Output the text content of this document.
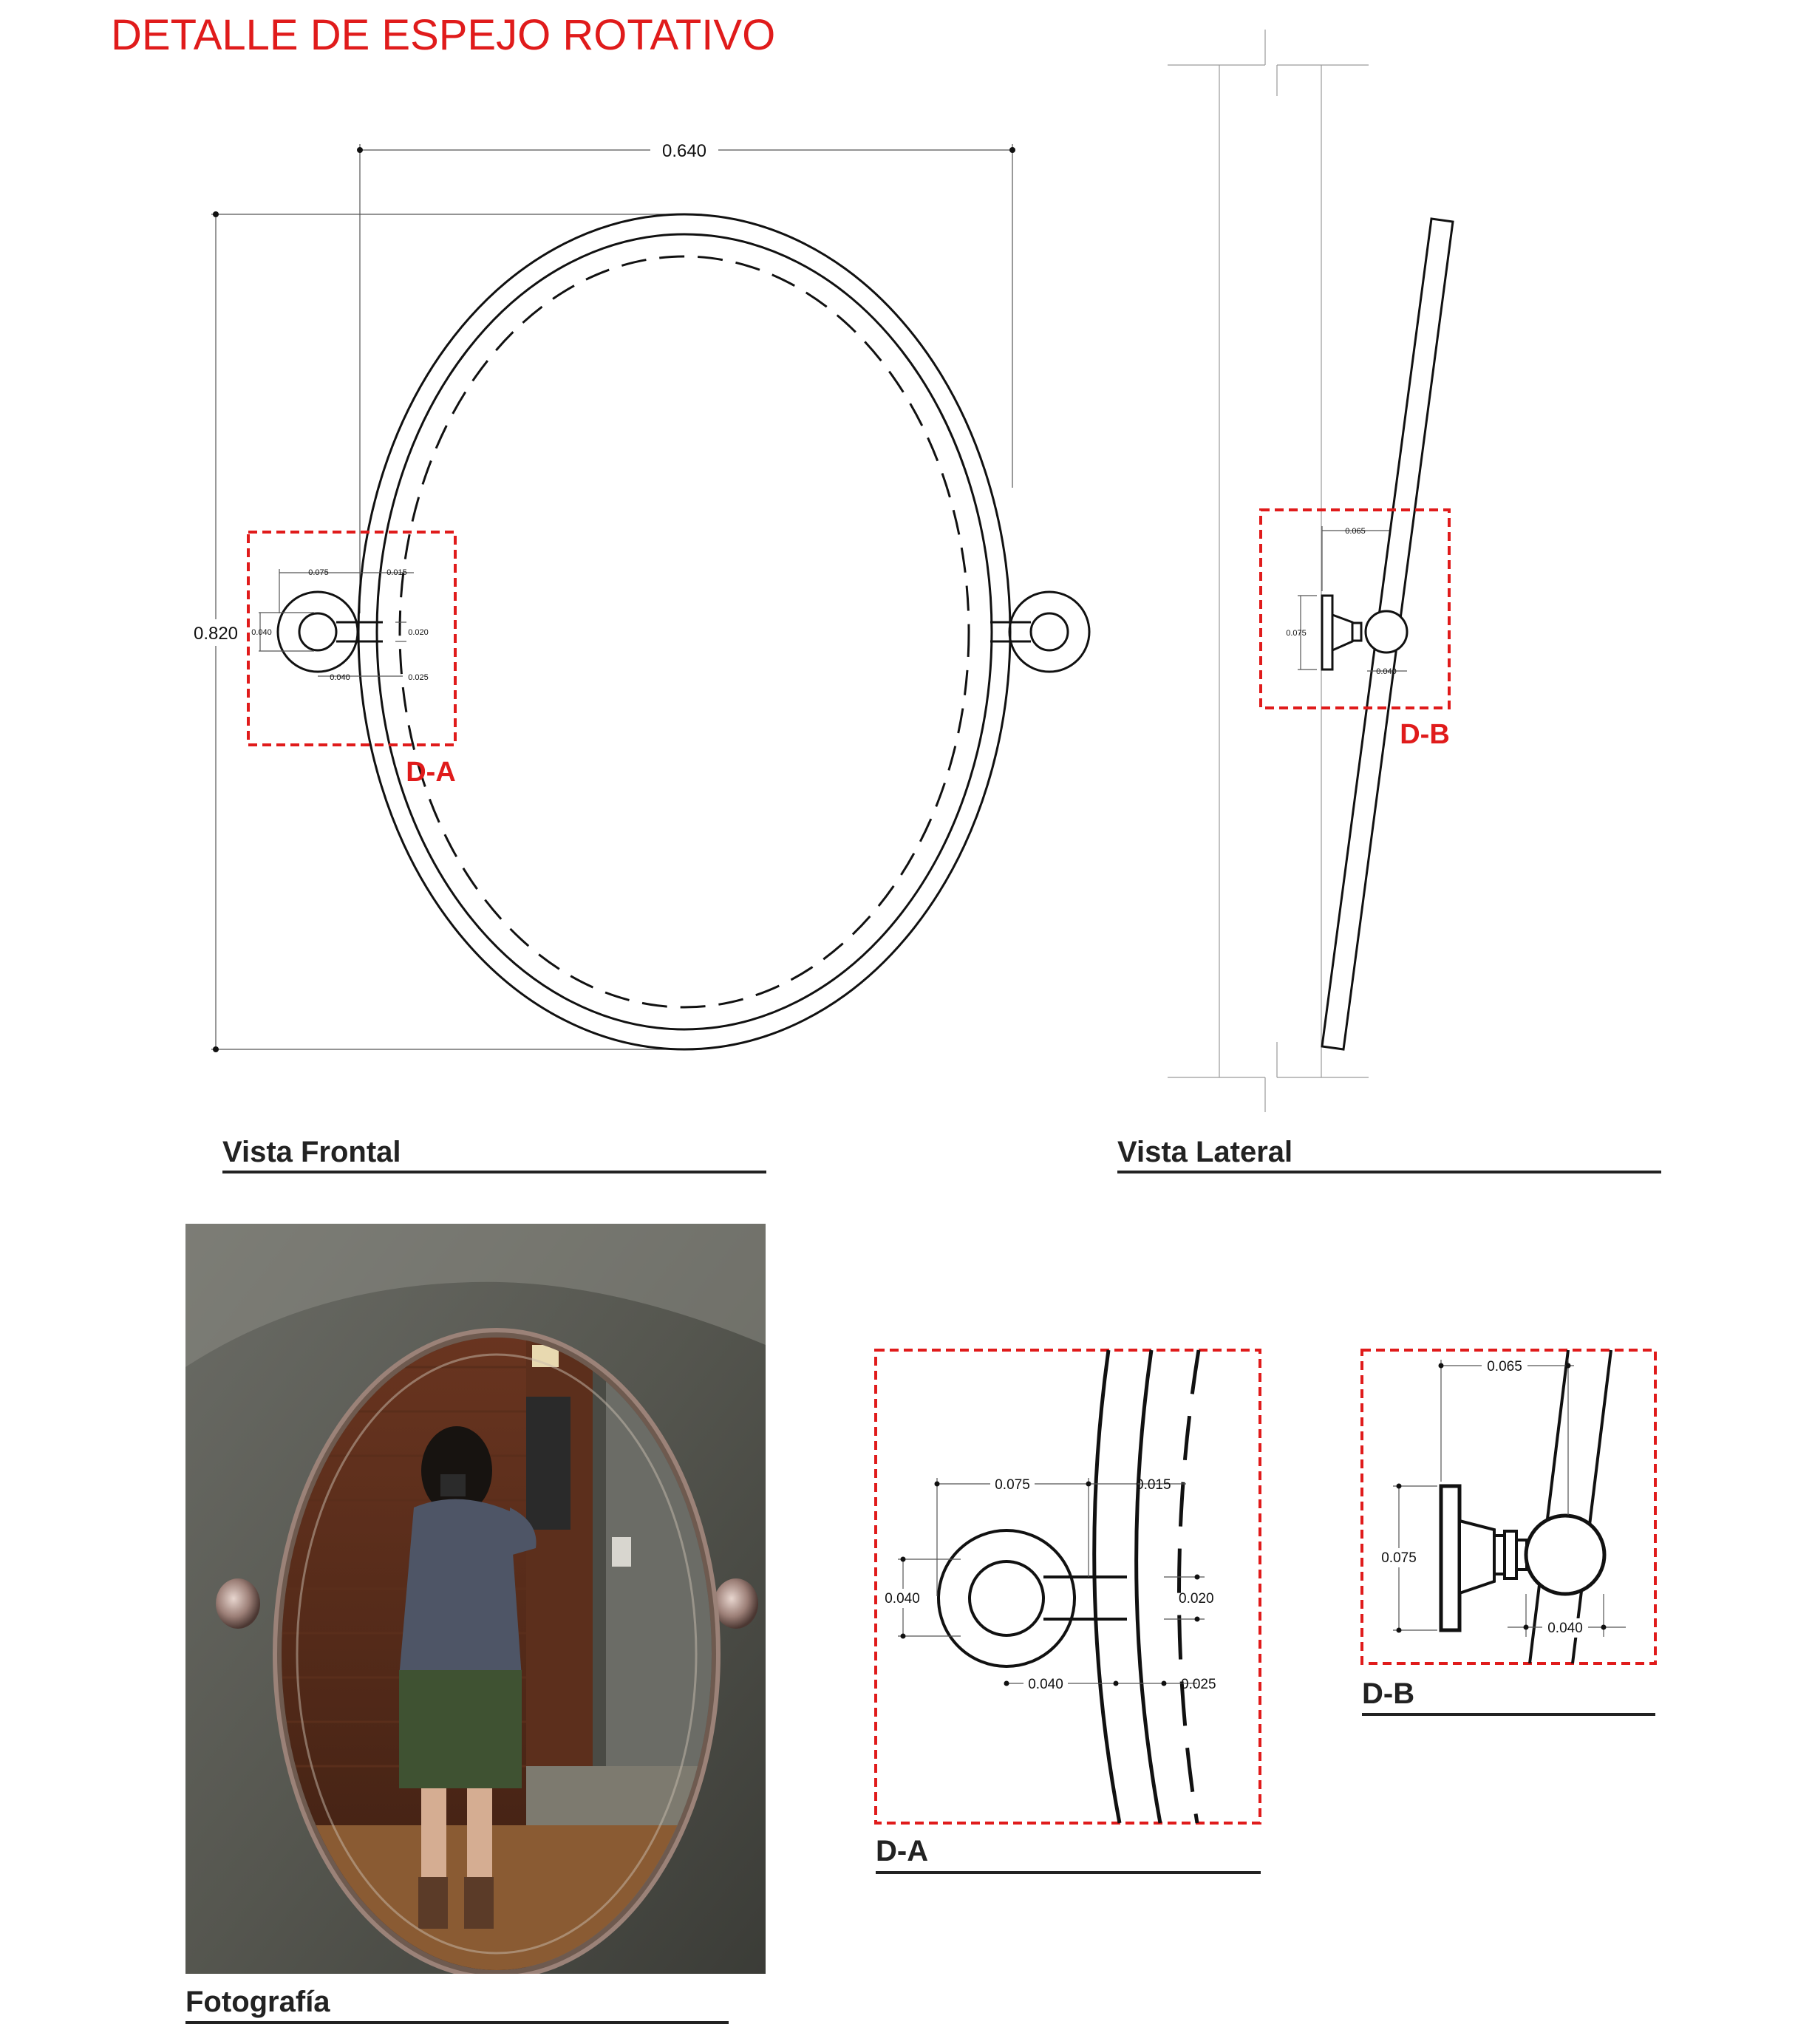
DETALLE DE ESPEJO ROTATIVO
0.640
0.820
0.075	0.015
0.040	0.020
0.040	0.025
D-A
Vista Frontal
0.065
0.075
0.040
D-B
Vista Lateral
Fotografía
0.075	0.015
0.040	0.020
0.040	0.025
D-A
0.065
0.075
0.040
D-B
